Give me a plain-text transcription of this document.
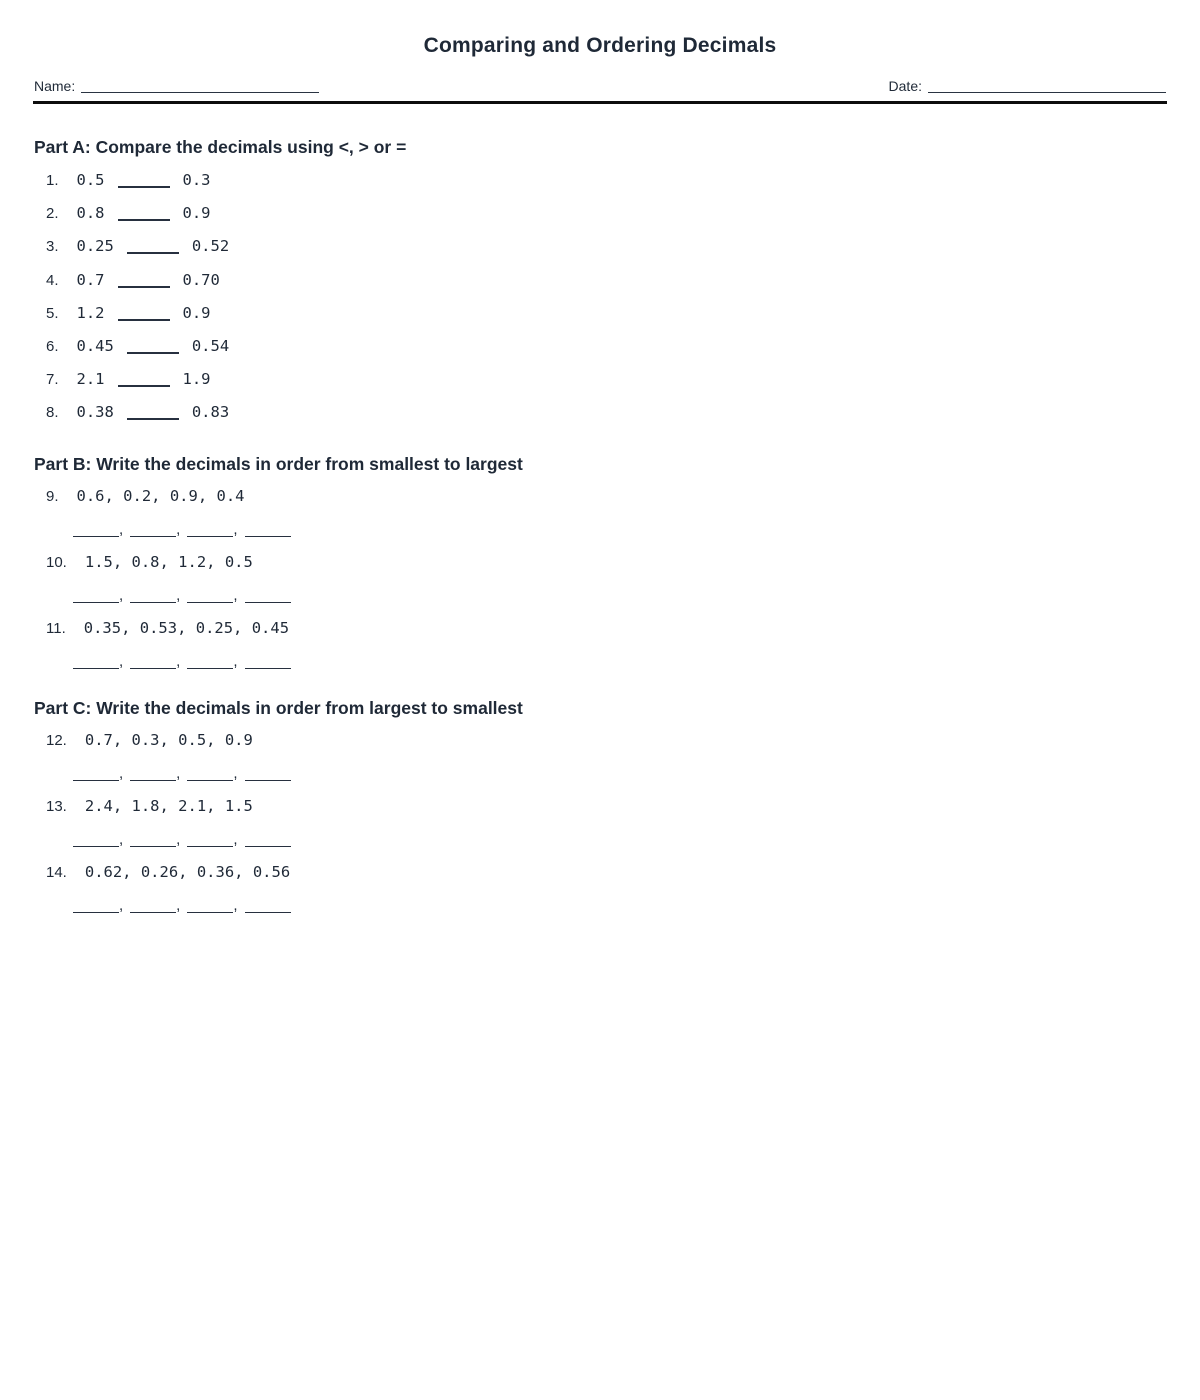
Comparing and Ordering Decimals
Name:	Date:
Part A: Compare the decimals using <, > or =
1. 0.5	0.3
2. 0.8	0.9
3. 0.25	0.52
4. 0.7	0.70
5. 1.2	0.9
6. 0.45	0.54
7. 2.1	1.9
8. 0.38	0.83
Part B: Write the decimals in order from smallest to largest
9. 0.6, 0.2, 0.9, 0.4
,	,	,
10. 1.5, 0.8, 1.2, 0.5
,	,	,
11. 0.35, 0.53, 0.25, 0.45
,	,	,
Part C: Write the decimals in order from largest to smallest
12. 0.7, 0.3, 0.5, 0.9
,	,	,
13. 2.4, 1.8, 2.1, 1.5
,	,	,
14. 0.62, 0.26, 0.36, 0.56
,	,	,
